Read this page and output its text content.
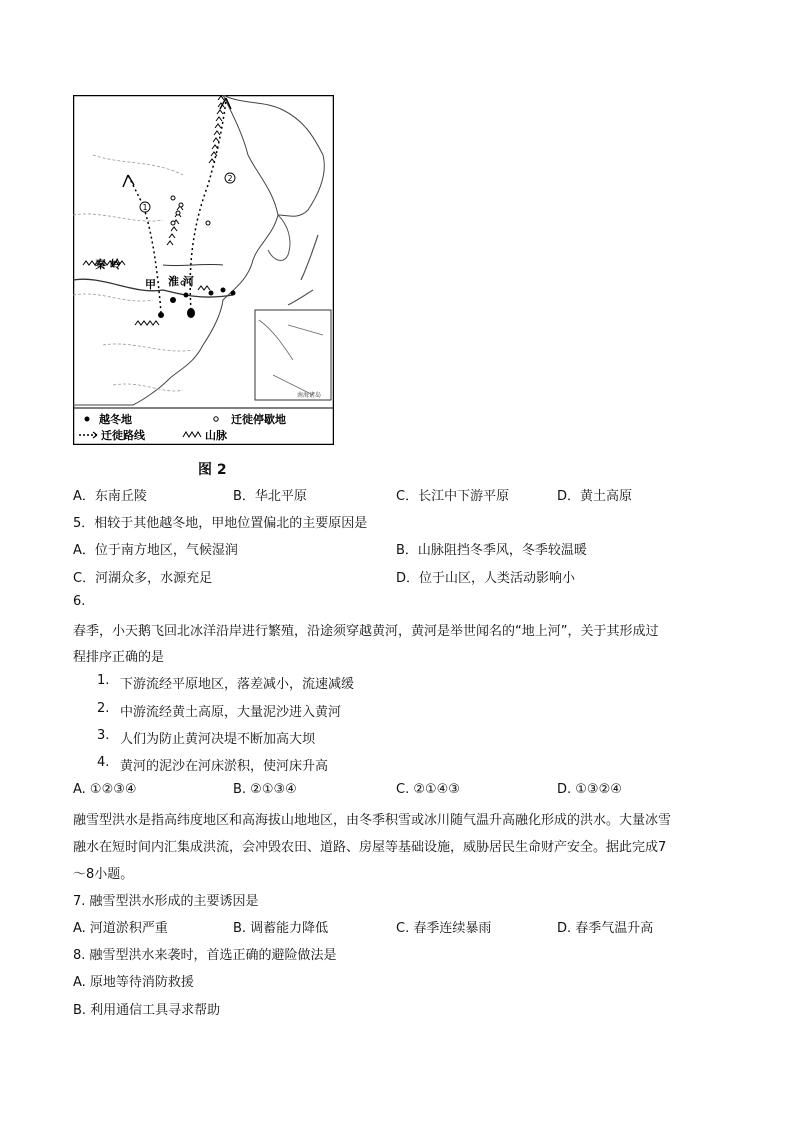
南海诸岛
1
2
秦 岭
甲 淮 河
越冬地	迁徙停歇地
迁徙路线	山脉
图 2
A．东南丘陵	B．华北平原	C．长江中下游平原	D．黄土高原
5．相较于其他越冬地，甲地位置偏北的主要原因是
A．位于南方地区，气候湿润	B．山脉阻挡冬季风，冬季较温暖
C．河湖众多，水源充足	D．位于山区，人类活动影响小
6.
春季，小天鹅飞回北冰洋沿岸进行繁殖，沿途须穿越黄河，黄河是举世闻名的“地上河”，关于其形成过
程排序正确的是
1. 下游流经平原地区，落差减小，流速减缓
2. 中游流经黄土高原，大量泥沙进入黄河
3. 人们为防止黄河决堤不断加高大坝
4. 黄河的泥沙在河床淤积，使河床升高
A. ①②③④	B. ②①③④	C. ②①④③	D. ①③②④
融雪型洪水是指高纬度地区和高海拔山地地区，由冬季积雪或冰川随气温升高融化形成的洪水。大量冰雪
融水在短时间内汇集成洪流，会冲毁农田、道路、房屋等基础设施，威胁居民生命财产安全。据此完成7
～8小题。
7. 融雪型洪水形成的主要诱因是
A. 河道淤积严重	B. 调蓄能力降低	C. 春季连续暴雨	D. 春季气温升高
8. 融雪型洪水来袭时，首选正确的避险做法是
A. 原地等待消防救援
B. 利用通信工具寻求帮助
